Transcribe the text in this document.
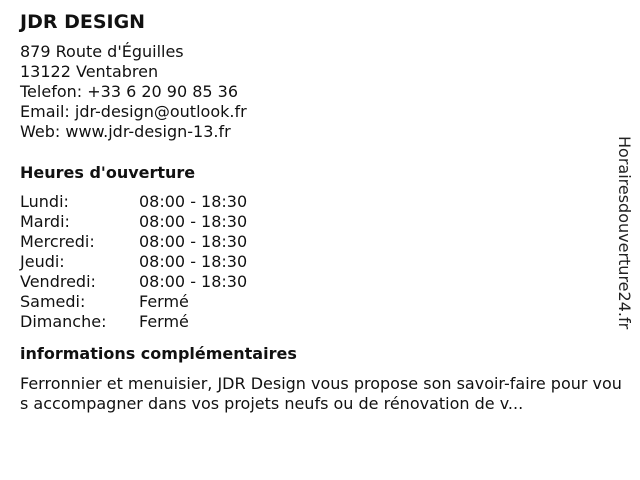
JDR DESIGN
879 Route d'Éguilles
13122 Ventabren
Telefon: +33 6 20 90 85 36
Email: jdr-design@outlook.fr
Web: www.jdr-design-13.fr
Heures d'ouverture
Lundi:	08:00 - 18:30
Mardi:	08:00 - 18:30
Mercredi:	08:00 - 18:30
Jeudi:	08:00 - 18:30
Vendredi:	08:00 - 18:30
Samedi:	Fermé
Dimanche:	Fermé
informations complémentaires
Ferronnier et menuisier, JDR Design vous propose son savoir-faire pour vous accompagner dans vos projets neufs ou de rénovation de v...
Horairesdouverture24.fr
